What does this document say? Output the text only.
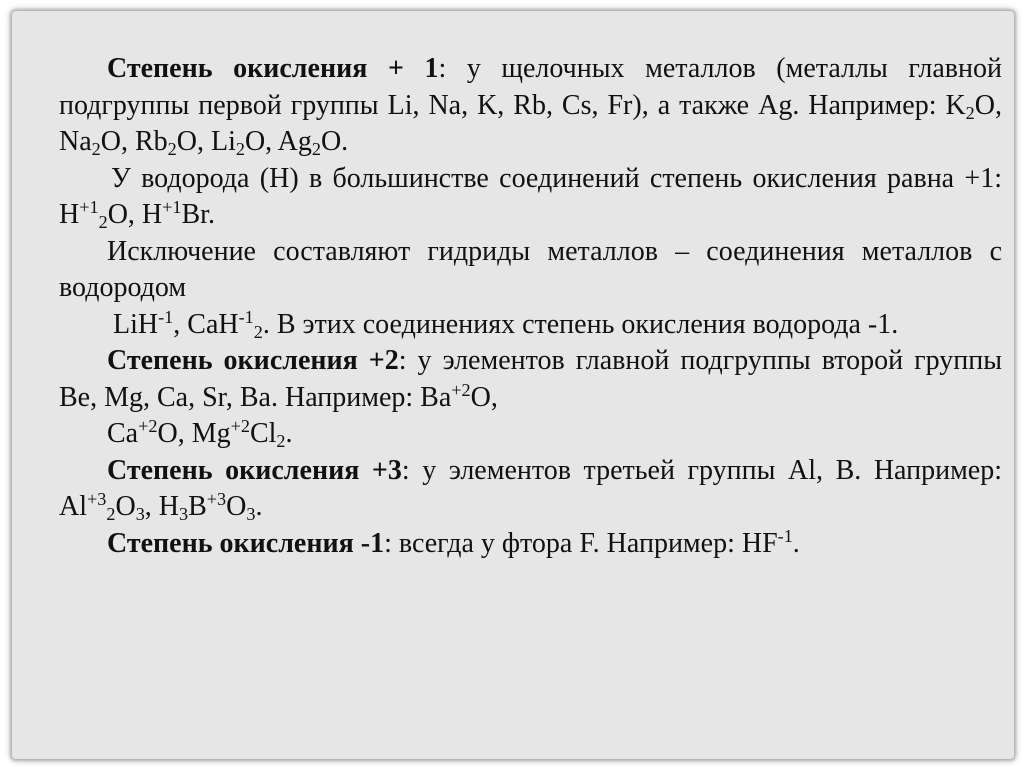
Степень окисления + 1: у щелочных металлов (металлы главной подгруппы первой группы Li, Na, K, Rb, Cs, Fr), а также Ag. Например: $K_2O$, $Na_2O$, $Rb_2O$, $Li_2O$, $Ag_2O$.

У водорода (H) в большинстве соединений степень окисления равна +1: $H^{+1}_2O$, $H^{+1}Br$.

Исключение составляют гидриды металлов – соединения металлов с водородом

LiH$^{-1}$, CaH$^{-1}_2$. В этих соединениях степень окисления водорода -1.

Степень окисления +2: у элементов главной подгруппы второй группы Be, Mg, Ca, Sr, Ba. Например: $Ba^{+2}O$,

$Ca^{+2}O$, $Mg^{+2}Cl_2$.

Степень окисления +3: у элементов третьей группы Al, B. Например: $Al^{+3}_2O_3$, $H_3B^{+3}O_3$.

Степень окисления -1: всегда у фтора F. Например: $HF^{-1}$.
